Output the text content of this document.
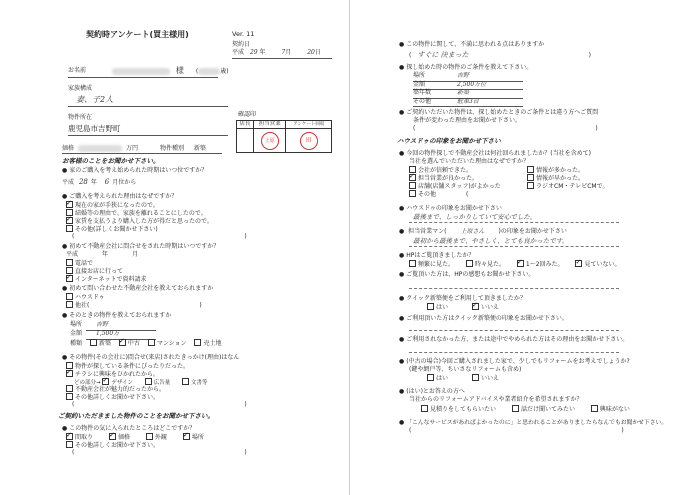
契約時アンケート(買主様用)	Ver. 11
契約日
平成 29 年	7月	20日
お名前	様 (	歳)
家族構成
妻、子2人
物件所在
鹿児島市吉野町
確認印
店長	担当営業	アンケート回収
	上原	田
価格	万円	物件種別 新築
お客様のことをお聞かせ下さい。
● 家のご購入を考え始められた時期はいつ位ですか？
平成 28 年 6 月位から
● ご購入を考えられた理由はなぜですか？
✓現在の家が手狭になったので。
結婚等の理由で、家族を離れることにしたので。
✓家賃を支払うより購入した方が得だと思ったので。
その他(詳しくお聞かせ下さい)
(	)
● 初めて不動産会社に問合せをされた時期はいつですか？
平成	年	月
電話で
直接お店に行って
✓インターネットで資料請求
● 初めて問い合わせた不動産会社を教えておられますか
ハウスドゥ
他社(	)
● そのときの物件を教えておられますか
場所 吉野
金額 1,500万
種類	新築 ✓	中古	マンション	売土地
● その物件(その会社に)問合せ(来店)されたきっかけ(理由)はなん
物件が探している条件にぴったりだった。
✓チラシに興味をひかれたから。
どの部分→ ✓ デザイン	広告量	文書等
不動産会社が魅力的だったから。
その他詳しくお聞かせ下さい。
(	)
ご契約いただきました物件のことをお聞かせ下さい。
● この物件の気に入られたところはどこですか？
✓間取り ✓	価格	外観 ✓	場所
その他詳しくお聞かせ下さい。
(	)
● この物件に関して、不満に思われる点はありますか
( すぐに 決まった	)
● 探し始めた時の物件のご条件を教えて下さい。
場所	吉野
金額	2,500万位
築年数	新築
その他	駐車3台
● ご契約いただいた物件は、探し始めたときのご条件とは違う方へご質問
条件が変わった理由をお聞かせ下さい。
(	)
ハウスドゥの印象をお聞かせ下さい
● 今回の物件探しで不動産会社は何社回られましたか？(当社を含めて)
当社を選んでいただいた理由はなぜですか？
会社が信頼できた。
✓担当営業が良かった。
店舗(店舗スタッフ)がよかった
その他	(
情報が多かった。
情報が早かった。
ラジオCM・テレビCMで。
● ハウスドゥの印象をお聞かせ下さい
最後まで、しっかりしていて安心でした。
● 担当営業マン( 上原さん )の印象をお聞かせ下さい
最初から最後まで、やさしく、とても良かったです。
● HPはご覧頂きましたか？
頻繁に見た。	時々見た。 ✓	1〜2回みた。 ✓	見ていない。
● ご覧頂いた方は、HPの感想もお聞かせ下さい。
● クイック新築便をご利用して頂きましたか？
はい ✓	いいえ
● ご利用頂いた方はクイック新築便の印象をお聞かせ下さい。
● ご利用されなかった方、または途中でやめられた方はその理由をお聞かせ下さい。
● (中古の場合)今回ご購入されました家で、少しでもリフォームをお考えでしょうか?
(鍵や網戸等、ちいさなリフォームも含め)
はい	いいえ
● (はい)とお答えの方へ
当社からのリフォームアドバイスや業者紹介を希望されますか？
見積りをしてもらいたい	話だけ聞いてみたい	興味がない
● 「こんなサービスがあればよかったのに」と思われることがありましたらなんでもお聞かせ下さい。
(	)
